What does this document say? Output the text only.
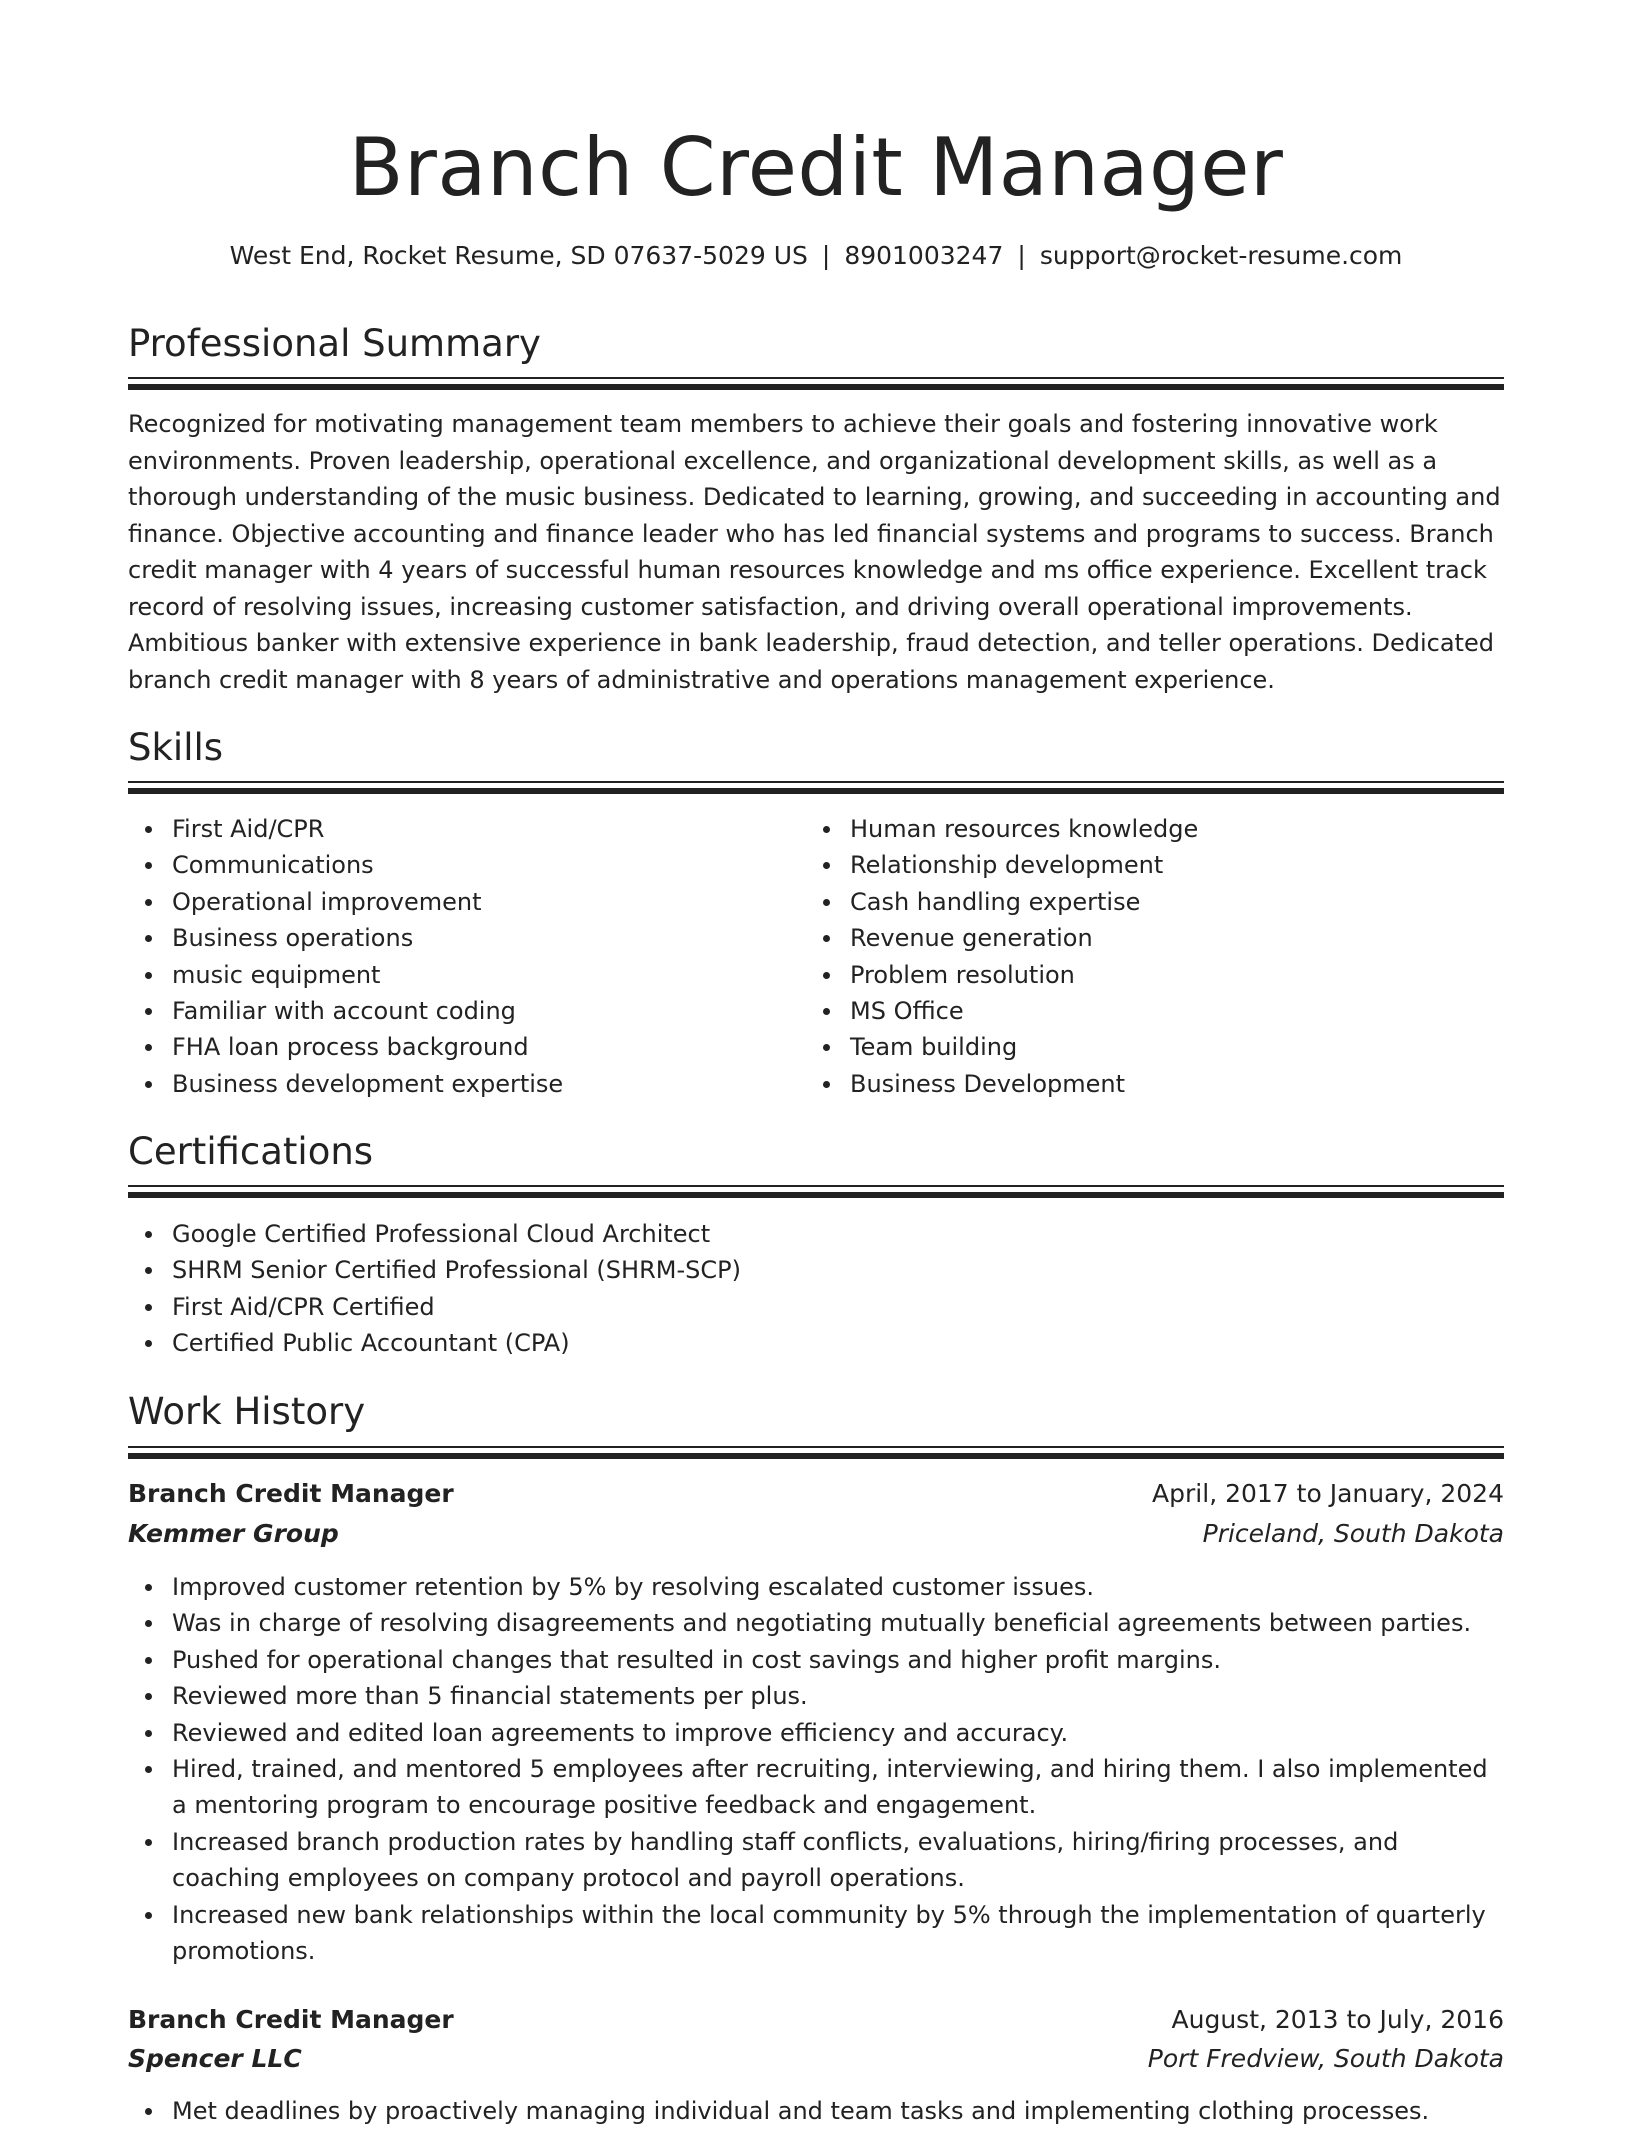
Branch Credit Manager
West End, Rocket Resume, SD 07637-5029 US | 8901003247 | support@rocket-resume.com
Professional Summary
Recognized for motivating management team members to achieve their goals and fostering innovative work environments. Proven leadership, operational excellence, and organizational development skills, as well as a thorough understanding of the music business. Dedicated to learning, growing, and succeeding in accounting and finance. Objective accounting and finance leader who has led financial systems and programs to success. Branch credit manager with 4 years of successful human resources knowledge and ms office experience. Excellent track record of resolving issues, increasing customer satisfaction, and driving overall operational improvements. Ambitious banker with extensive experience in bank leadership, fraud detection, and teller operations. Dedicated branch credit manager with 8 years of administrative and operations management experience.
Skills
First Aid/CPR
Communications
Operational improvement
Business operations
music equipment
Familiar with account coding
FHA loan process background
Business development expertise
Human resources knowledge
Relationship development
Cash handling expertise
Revenue generation
Problem resolution
MS Office
Team building
Business Development
Certifications
Google Certified Professional Cloud Architect
SHRM Senior Certified Professional (SHRM-SCP)
First Aid/CPR Certified
Certified Public Accountant (CPA)
Work History
Branch Credit Manager	April, 2017 to January, 2024
Kemmer Group	Priceland, South Dakota
Improved customer retention by 5% by resolving escalated customer issues.
Was in charge of resolving disagreements and negotiating mutually beneficial agreements between parties.
Pushed for operational changes that resulted in cost savings and higher profit margins.
Reviewed more than 5 financial statements per plus.
Reviewed and edited loan agreements to improve efficiency and accuracy.
Hired, trained, and mentored 5 employees after recruiting, interviewing, and hiring them. I also implemented a mentoring program to encourage positive feedback and engagement.
Increased branch production rates by handling staff conflicts, evaluations, hiring/firing processes, and coaching employees on company protocol and payroll operations.
Increased new bank relationships within the local community by 5% through the implementation of quarterly promotions.
Branch Credit Manager	August, 2013 to July, 2016
Spencer LLC	Port Fredview, South Dakota
Met deadlines by proactively managing individual and team tasks and implementing clothing processes.
